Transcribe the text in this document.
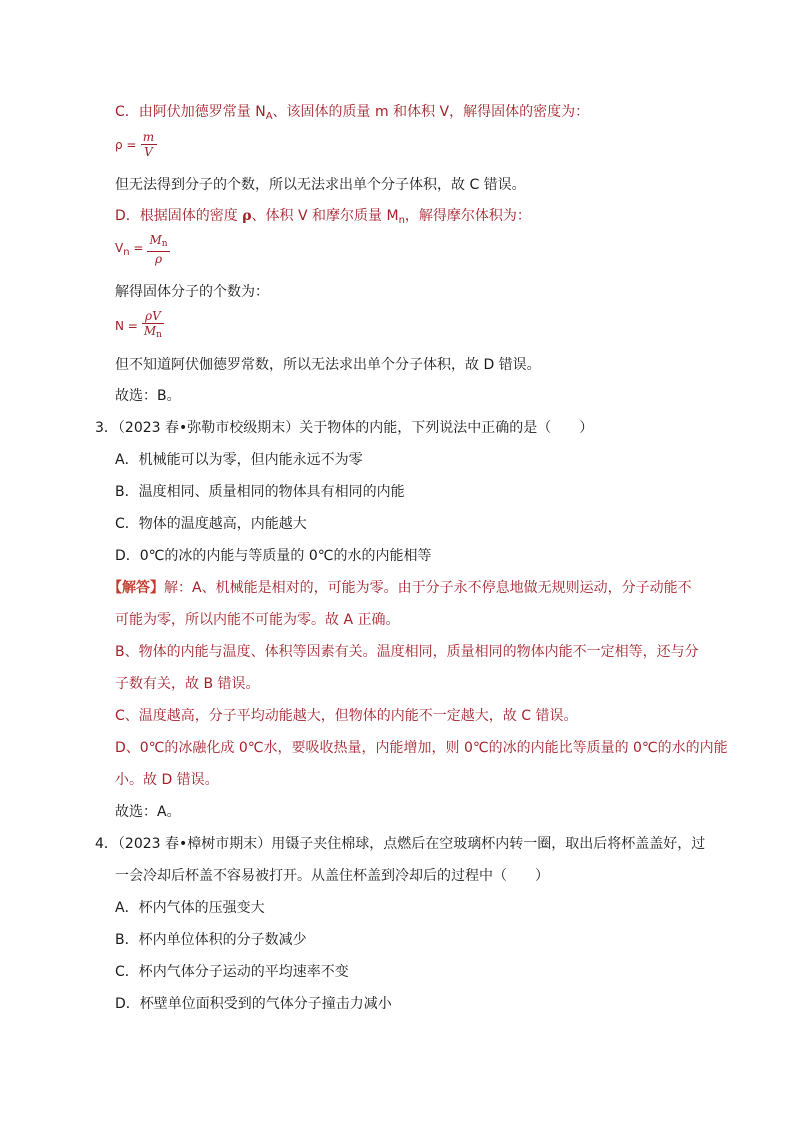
C．由阿伏加德罗常量 $N_A$、该固体的质量 m 和体积 V，解得固体的密度为：
$\rho = \frac{m}{V}$
但无法得到分子的个数，所以无法求出单个分子体积，故 C 错误。
D．根据固体的密度 ρ、体积 V 和摩尔质量 $M_n$，解得摩尔体积为：
$V_n = \frac{Mn}{\rho}$
解得固体分子的个数为：
$N = \frac{\rho V}{Mn}$
但不知道阿伏伽德罗常数，所以无法求出单个分子体积，故 D 错误。
故选：B。
3．（2023 春•弥勒市校级期末）关于物体的内能，下列说法中正确的是（　　）
A．机械能可以为零，但内能永远不为零
B．温度相同、质量相同的物体具有相同的内能
C．物体的温度越高，内能越大
D．0℃的冰的内能与等质量的 0℃的水的内能相等
【解答】解：A、机械能是相对的，可能为零。由于分子永不停息地做无规则运动，分子动能不
可能为零，所以内能不可能为零。故 A 正确。
B、物体的内能与温度、体积等因素有关。温度相同，质量相同的物体内能不一定相等，还与分
子数有关，故 B 错误。
C、温度越高，分子平均动能越大，但物体的内能不一定越大，故 C 错误。
D、0℃的冰融化成 0℃水，要吸收热量，内能增加，则 0℃的冰的内能比等质量的 0℃的水的内能
小。故 D 错误。
故选：A。
4．（2023 春•樟树市期末）用镊子夹住棉球，点燃后在空玻璃杯内转一圈，取出后将杯盖盖好，过
一会冷却后杯盖不容易被打开。从盖住杯盖到冷却后的过程中（　　）
A．杯内气体的压强变大
B．杯内单位体积的分子数减少
C．杯内气体分子运动的平均速率不变
D．杯壁单位面积受到的气体分子撞击力减小
